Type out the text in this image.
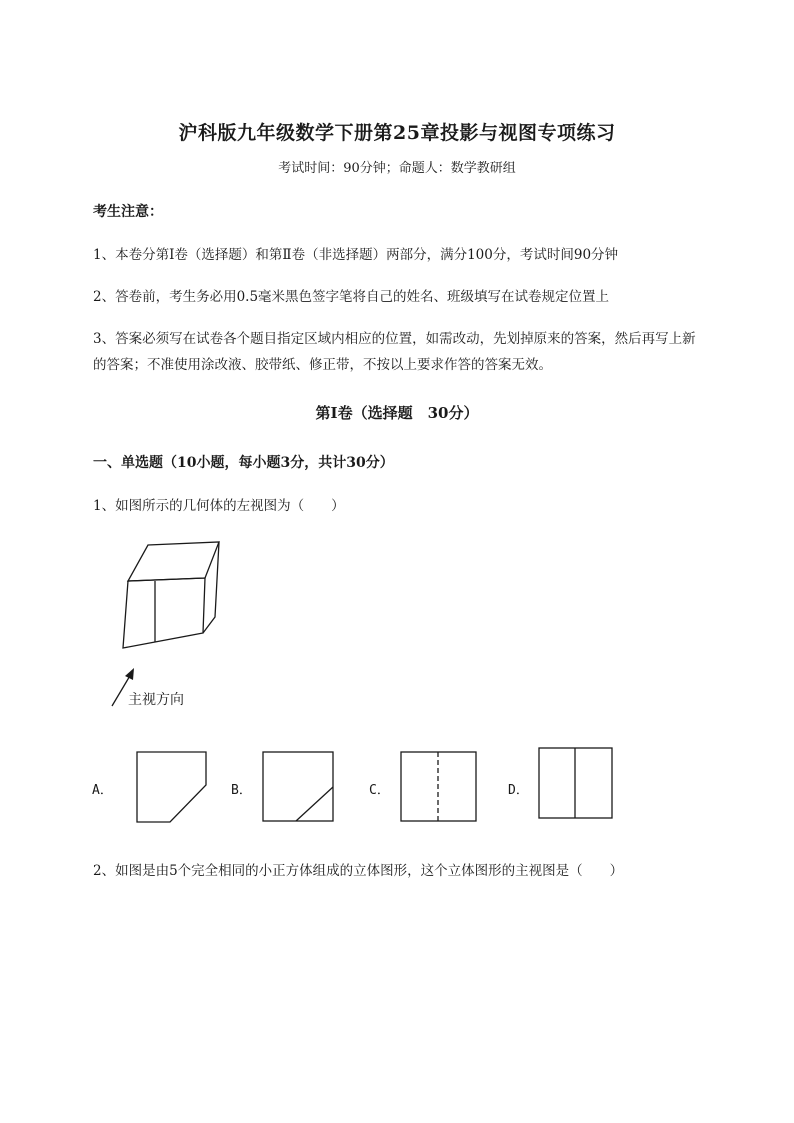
沪科版九年级数学下册第25章投影与视图专项练习
考试时间：90分钟；命题人：数学教研组
考生注意：
1、本卷分第I卷（选择题）和第Ⅱ卷（非选择题）两部分，满分100分，考试时间90分钟
2、答卷前，考生务必用0.5毫米黑色签字笔将自己的姓名、班级填写在试卷规定位置上
3、答案必须写在试卷各个题目指定区域内相应的位置，如需改动，先划掉原来的答案，然后再写上新
的答案；不准使用涂改液、胶带纸、修正带，不按以上要求作答的答案无效。
第I卷（选择题　30分）
一、单选题（10小题，每小题3分，共计30分）
1、如图所示的几何体的左视图为（　　）
主视方向
A．	B．	C．	D．
2、如图是由5个完全相同的小正方体组成的立体图形，这个立体图形的主视图是（　　）
